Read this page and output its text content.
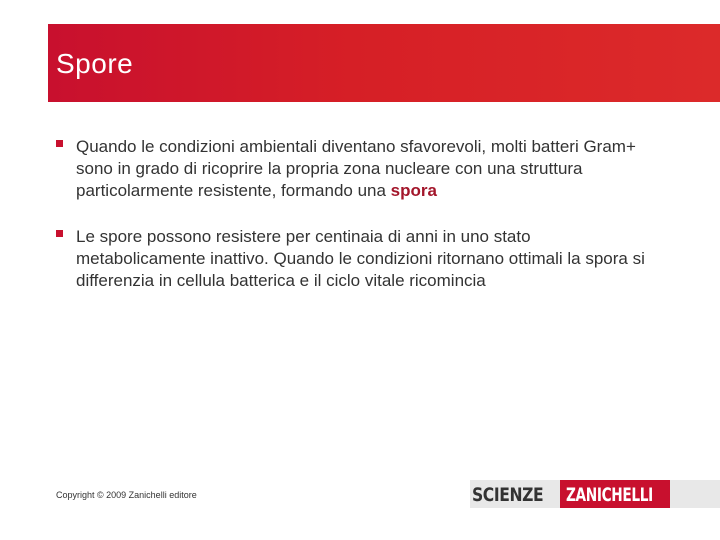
Spore
Quando le condizioni ambientali diventano sfavorevoli, molti batteri Gram+ sono in grado di ricoprire la propria zona nucleare con una struttura particolarmente resistente, formando una spora
Le spore possono resistere per centinaia di anni in uno stato metabolicamente inattivo. Quando le condizioni ritornano ottimali la spora si differenzia in cellula batterica e il ciclo vitale ricomincia
Copyright © 2009 Zanichelli editore	SCIENZE ZANICHELLI
